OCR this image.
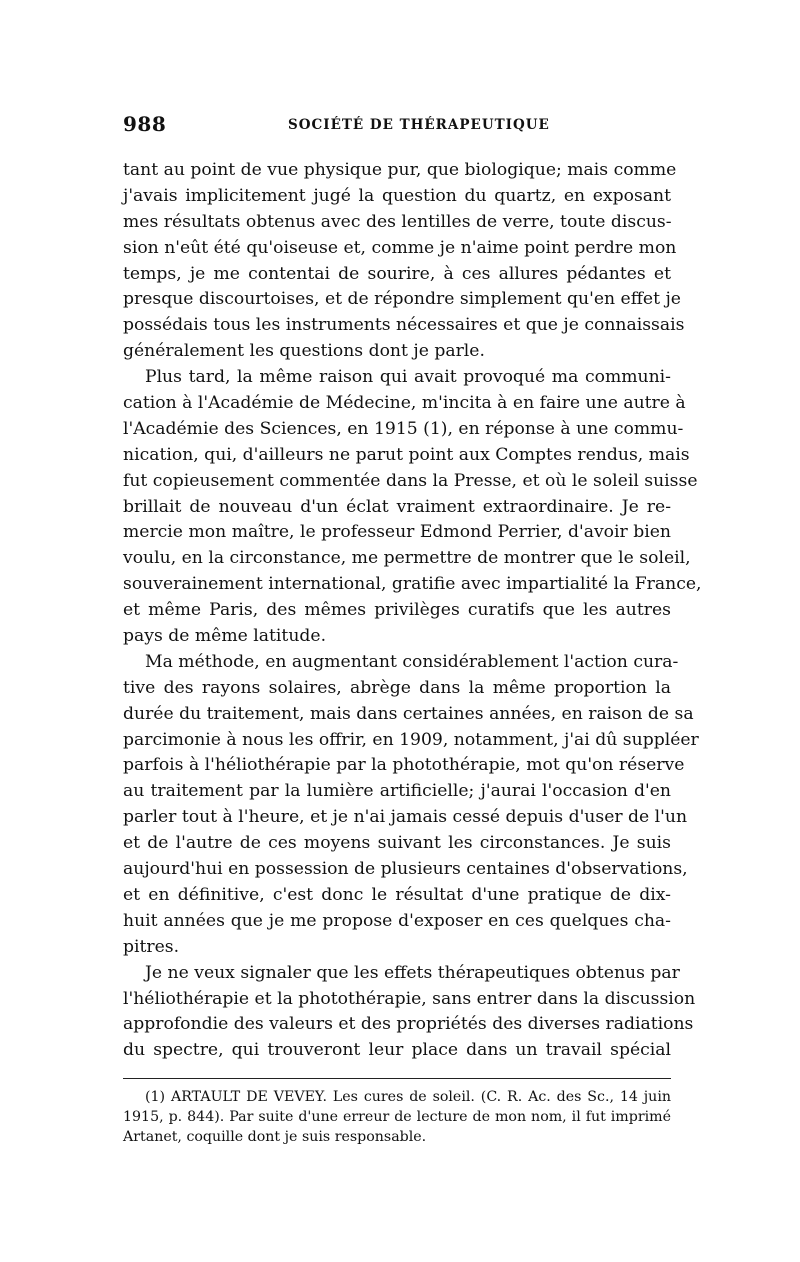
988	SOCIÉTÉ DE THÉRAPEUTIQUE
tant au point de vue physique pur, que biologique; mais comme
j'avais implicitement jugé la question du quartz, en exposant
mes résultats obtenus avec des lentilles de verre, toute discus-
sion n'eût été qu'oiseuse et, comme je n'aime point perdre mon
temps, je me contentai de sourire, à ces allures pédantes et
presque discourtoises, et de répondre simplement qu'en effet je
possédais tous les instruments nécessaires et que je connaissais
généralement les questions dont je parle.
Plus tard, la même raison qui avait provoqué ma communi-
cation à l'Académie de Médecine, m'incita à en faire une autre à
l'Académie des Sciences, en 1915 (1), en réponse à une commu-
nication, qui, d'ailleurs ne parut point aux Comptes rendus, mais
fut copieusement commentée dans la Presse, et où le soleil suisse
brillait de nouveau d'un éclat vraiment extraordinaire. Je re-
mercie mon maître, le professeur Edmond Perrier, d'avoir bien
voulu, en la circonstance, me permettre de montrer que le soleil,
souverainement international, gratifie avec impartialité la France,
et même Paris, des mêmes privilèges curatifs que les autres
pays de même latitude.
Ma méthode, en augmentant considérablement l'action cura-
tive des rayons solaires, abrège dans la même proportion la
durée du traitement, mais dans certaines années, en raison de sa
parcimonie à nous les offrir, en 1909, notamment, j'ai dû suppléer
parfois à l'héliothérapie par la photothérapie, mot qu'on réserve
au traitement par la lumière artificielle; j'aurai l'occasion d'en
parler tout à l'heure, et je n'ai jamais cessé depuis d'user de l'un
et de l'autre de ces moyens suivant les circonstances. Je suis
aujourd'hui en possession de plusieurs centaines d'observations,
et en définitive, c'est donc le résultat d'une pratique de dix-
huit années que je me propose d'exposer en ces quelques cha-
pitres.
Je ne veux signaler que les effets thérapeutiques obtenus par
l'héliothérapie et la photothérapie, sans entrer dans la discussion
approfondie des valeurs et des propriétés des diverses radiations
du spectre, qui trouveront leur place dans un travail spécial
(1) ARTAULT DE VEVEY. Les cures de soleil. (C. R. Ac. des Sc., 14 juin
1915, p. 844). Par suite d'une erreur de lecture de mon nom, il fut imprimé
Artanet, coquille dont je suis responsable.
